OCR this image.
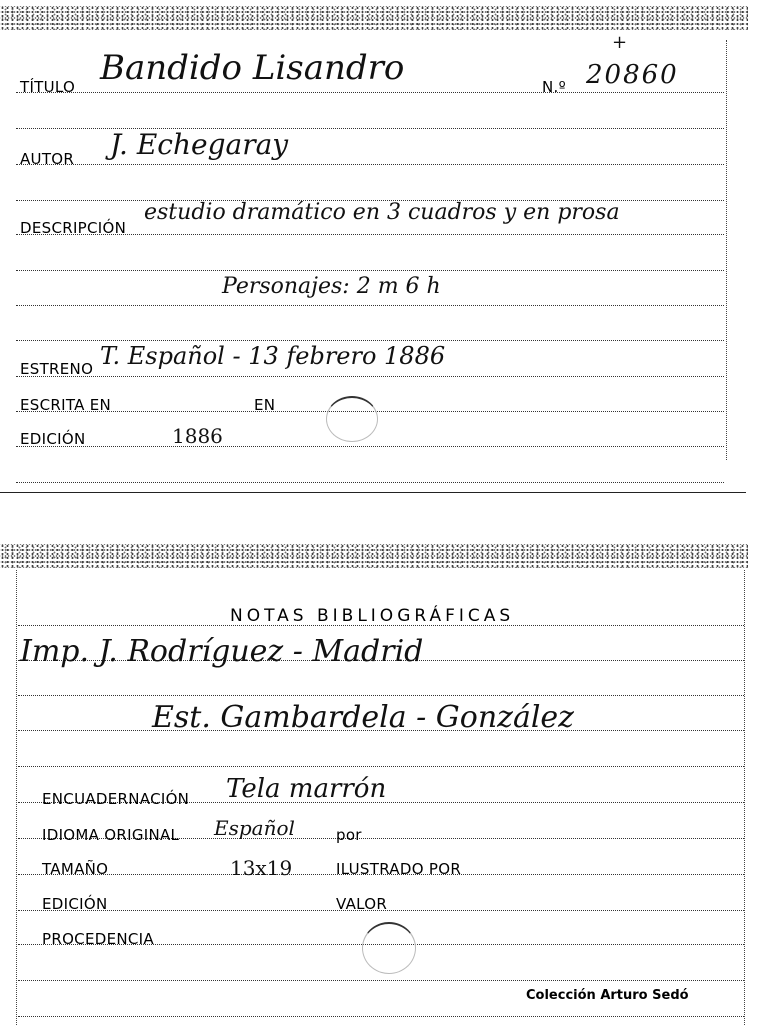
+
TÍTULO Bandido Lisandro	N.º 20860
AUTOR J. Echegaray
DESCRIPCIÓN
estudio dramático en 3 cuadros y en prosa
Personajes: 2 m 6 h
ESTRENO T. Español - 13 febrero 1886
ESCRITA EN	EN
EDICIÓN	1886
NOTAS BIBLIOGRÁFICAS
Imp. J. Rodríguez - Madrid
Est. Gambardela - González
ENCUADERNACIÓN Tela marrón
IDIOMA ORIGINAL Español	por
TAMAÑO	13x19	ILUSTRADO POR
EDICIÓN	VALOR
PROCEDENCIA
Colección Arturo Sedó
